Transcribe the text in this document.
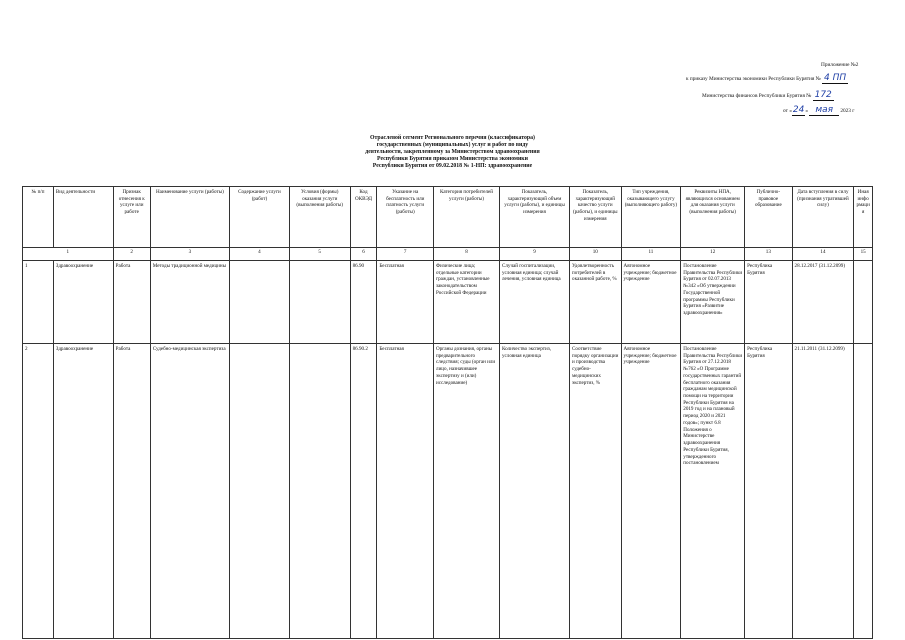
Приложение №2
к приказу Министерства экономики Республики Бурятия № 4 ПП
Министерства финансов Республики Бурятия № 172
от «24» мая 2023 г
Отраслевой сегмент Регионального перечня (классификатора)
государственных (муниципальных) услуг и работ по виду
деятельности, закрепленному за Министерством здравоохранения
Республики Бурятия приказом Министерства экономики
Республики Бурятия от 09.02.2018 № 1-НП: здравоохранение
№ п/п	Вид деятельности	Признак отнесения к услуге или работе	Наименование услуги (работы)	Содержание услуги (работ)	Условия (формы) оказания услуги (выполнения работы)	Код ОКВЭД	Указание на бесплатность или платность услуги (работы)	Категория потребителей услуги (работы)	Показатель, характеризующий объем услуги (работы), и единицы измерения	Показатель, характеризующий качество услуги (работы), и единицы измерения	Тип учреждения, оказывающего услугу (выполняющего работу)	Реквизиты НПА, являющихся основанием для оказания услуги (выполнения работы)	Публично-правовое образование	Дата вступления в силу (признания утратившей силу)	Иная информация
1		2	3	4	5	6	7	8	9	10	11	12	13	14	15
1	Здравоохранение	Работа	Методы традиционной медицины			86.90	Бесплатная	Физические лица; отдельные категории граждан, установленные законодательством Российской Федерации	Случай госпитализации, условная единица; случай лечения, условная единица	Удовлетворенность потребителей в оказанной работе, %	Автономное учреждение; бюджетное учреждение	Постановление Правительства Республики Бурятия от 02.07.2013 №342 «Об утверждении Государственной программы Республики Бурятия «Развитие здравоохранения»	Республика Бурятия	28.12.2017 (31.12.2099)	
2	Здравоохранение	Работа	Судебно-медицинская экспертиза			86.90.2	Бесплатная	Органы дознания, органы предварительного следствия; суды (орган или лицо, назначившее экспертизу и (или) исследование)	Количество экспертиз, условная единица	Соответствие порядку организации и производства судебно-медицинских экспертиз, %	Автономное учреждение; бюджетное учреждение	Постановление Правительства Республики Бурятия от 27.12.2018 №762 «О Программе государственных гарантий бесплатного оказания гражданам медицинской помощи на территории Республики Бурятия на 2019 год и на плановый период 2020 и 2021 годов»; пункт 6.8 Положения о Министерстве здравоохранения Республики Бурятия, утвержденного постановлением	Республика Бурятия	21.11.2011 (31.12.2099)	
